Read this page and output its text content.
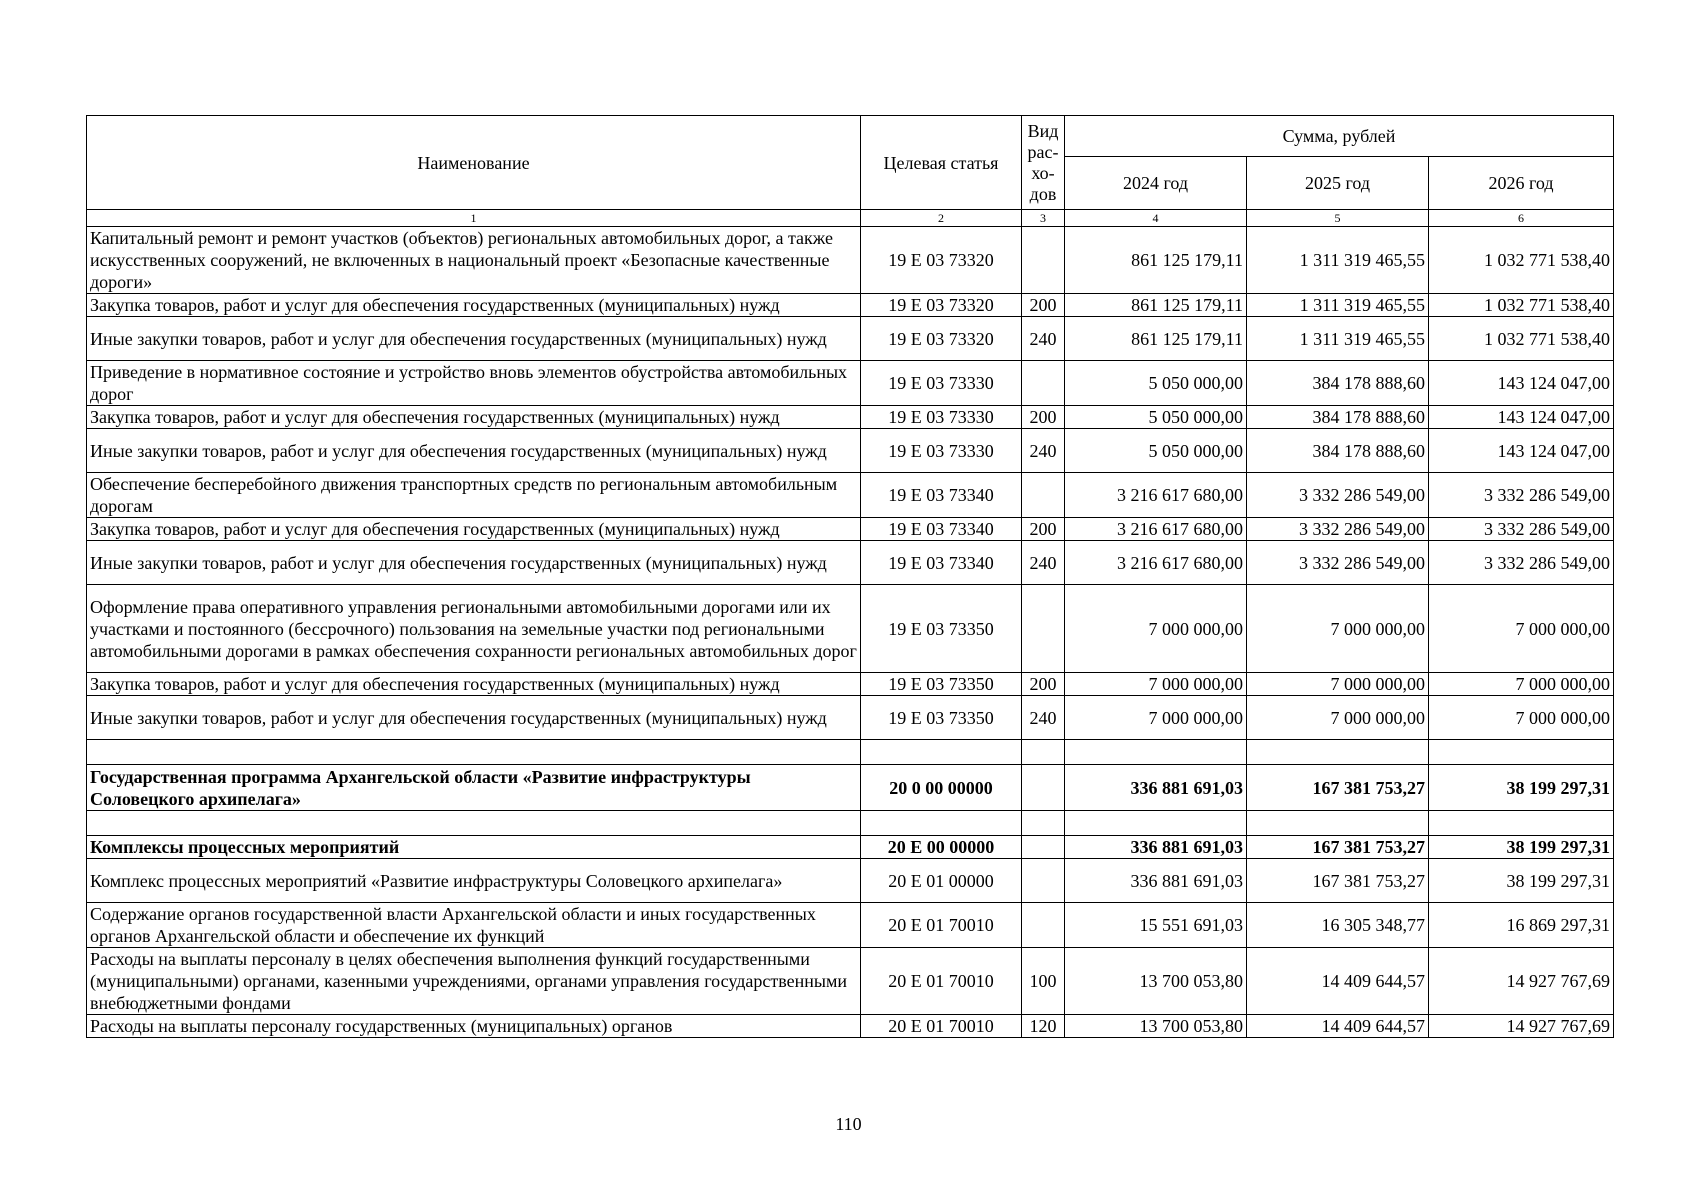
Наименование	Целевая статья	Вид рас-хо-дов	Сумма, рублей		
			2024 год	2025 год	2026 год
1	2	3	4	5	6
Капитальный ремонт и ремонт участков (объектов) региональных автомобильных дорог, а также искусственных сооружений, не включенных в национальный проект «Безопасные качественные дороги»	19 Е 03 73320		861 125 179,11	1 311 319 465,55	1 032 771 538,40
Закупка товаров, работ и услуг для обеспечения государственных (муниципальных) нужд	19 Е 03 73320	200	861 125 179,11	1 311 319 465,55	1 032 771 538,40
Иные закупки товаров, работ и услуг для обеспечения государственных (муниципальных) нужд	19 Е 03 73320	240	861 125 179,11	1 311 319 465,55	1 032 771 538,40
Приведение в нормативное состояние и устройство вновь элементов обустройства автомобильных дорог	19 Е 03 73330		5 050 000,00	384 178 888,60	143 124 047,00
Закупка товаров, работ и услуг для обеспечения государственных (муниципальных) нужд	19 Е 03 73330	200	5 050 000,00	384 178 888,60	143 124 047,00
Иные закупки товаров, работ и услуг для обеспечения государственных (муниципальных) нужд	19 Е 03 73330	240	5 050 000,00	384 178 888,60	143 124 047,00
Обеспечение бесперебойного движения транспортных средств по региональным автомобильным дорогам	19 Е 03 73340		3 216 617 680,00	3 332 286 549,00	3 332 286 549,00
Закупка товаров, работ и услуг для обеспечения государственных (муниципальных) нужд	19 Е 03 73340	200	3 216 617 680,00	3 332 286 549,00	3 332 286 549,00
Иные закупки товаров, работ и услуг для обеспечения государственных (муниципальных) нужд	19 Е 03 73340	240	3 216 617 680,00	3 332 286 549,00	3 332 286 549,00
Оформление права оперативного управления региональными автомобильными дорогами или их участками и постоянного (бессрочного) пользования на земельные участки под региональными автомобильными дорогами в рамках обеспечения сохранности региональных автомобильных дорог	19 Е 03 73350		7 000 000,00	7 000 000,00	7 000 000,00
Закупка товаров, работ и услуг для обеспечения государственных (муниципальных) нужд	19 Е 03 73350	200	7 000 000,00	7 000 000,00	7 000 000,00
Иные закупки товаров, работ и услуг для обеспечения государственных (муниципальных) нужд	19 Е 03 73350	240	7 000 000,00	7 000 000,00	7 000 000,00

Государственная программа Архангельской области «Развитие инфраструктуры Соловецкого архипелага»	20 0 00 00000		336 881 691,03	167 381 753,27	38 199 297,31

Комплексы процессных мероприятий	20 Е 00 00000		336 881 691,03	167 381 753,27	38 199 297,31
Комплекс процессных мероприятий «Развитие инфраструктуры Соловецкого архипелага»	20 Е 01 00000		336 881 691,03	167 381 753,27	38 199 297,31
Содержание органов государственной власти Архангельской области и иных государственных органов Архангельской области и обеспечение их функций	20 Е 01 70010		15 551 691,03	16 305 348,77	16 869 297,31
Расходы на выплаты персоналу в целях обеспечения выполнения функций государственными (муниципальными) органами, казенными учреждениями, органами управления государственными внебюджетными фондами	20 Е 01 70010	100	13 700 053,80	14 409 644,57	14 927 767,69
Расходы на выплаты персоналу государственных (муниципальных) органов	20 Е 01 70010	120	13 700 053,80	14 409 644,57	14 927 767,69
110
